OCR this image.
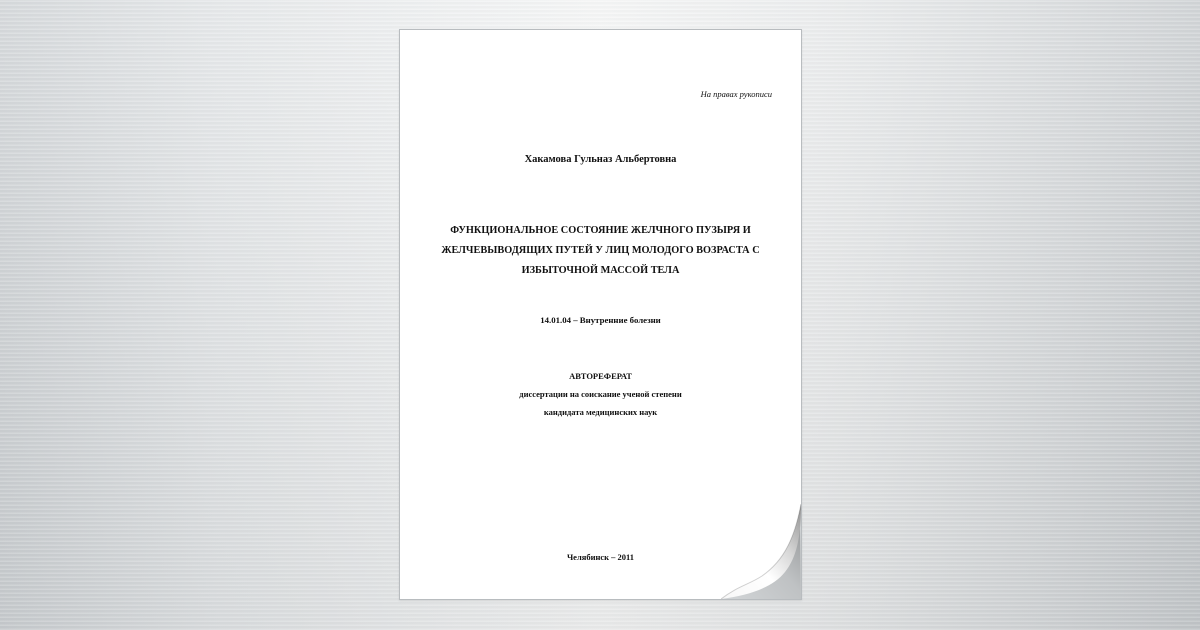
На правах рукописи

Хакамова Гульназ Альбертовна

ФУНКЦИОНАЛЬНОЕ СОСТОЯНИЕ ЖЕЛЧНОГО ПУЗЫРЯ И
ЖЕЛЧЕВЫВОДЯЩИХ ПУТЕЙ У ЛИЦ МОЛОДОГО ВОЗРАСТА С
ИЗБЫТОЧНОЙ МАССОЙ ТЕЛА

14.01.04 – Внутренние болезни

АВТОРЕФЕРАТ
диссертации на соискание ученой степени
кандидата медицинских наук

Челябинск – 2011
